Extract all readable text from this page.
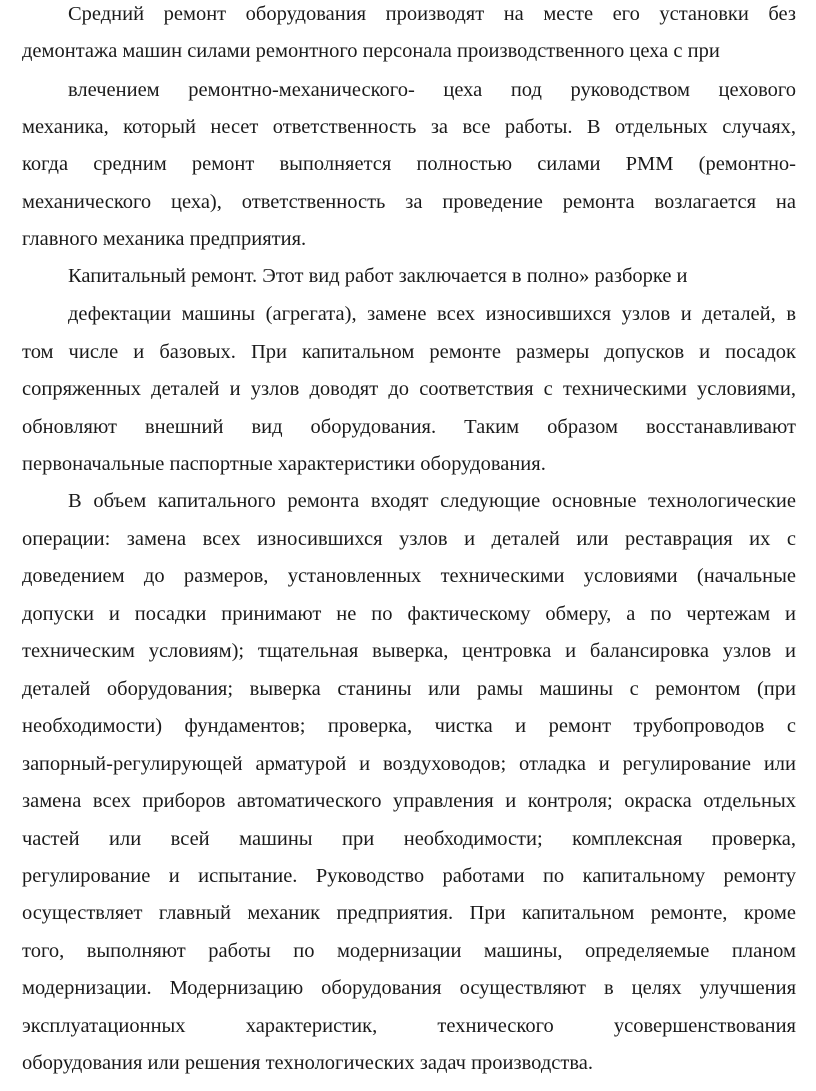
Средний ремонт оборудования производят на месте его установки без
демонтажа машин силами ремонтного персонала производственного цеха с при
влечением ремонтно-механического- цеха под руководством цехового
механика, который несет ответственность за все работы. В отдельных случаях,
когда средним ремонт выполняется полностью силами РММ (ремонтно-
механического цеха), ответственность за проведение ремонта возлагается на
главного механика предприятия.
Капитальный ремонт. Этот вид работ заключается в полно» разборке и
дефектации машины (агрегата), замене всех износившихся узлов и деталей, в
том числе и базовых. При капитальном ремонте размеры допусков и посадок
сопряженных деталей и узлов доводят до соответствия с техническими условиями,
обновляют внешний вид оборудования. Таким образом восстанавливают
первоначальные паспортные характеристики оборудования.
В объем капитального ремонта входят следующие основные технологические
операции: замена всех износившихся узлов и деталей или реставрация их с
доведением до размеров, установленных техническими условиями (начальные
допуски и посадки принимают не по фактическому обмеру, а по чертежам и
техническим условиям); тщательная выверка, центровка и балансировка узлов и
деталей оборудования; выверка станины или рамы машины с ремонтом (при
необходимости) фундаментов; проверка, чистка и ремонт трубопроводов с
запорный-регулирующей арматурой и воздуховодов; отладка и регулирование или
замена всех приборов автоматического управления и контроля; окраска отдельных
частей или всей машины при необходимости; комплексная проверка,
регулирование и испытание. Руководство работами по капитальному ремонту
осуществляет главный механик предприятия. При капитальном ремонте, кроме
того, выполняют работы по модернизации машины, определяемые планом
модернизации. Модернизацию оборудования осуществляют в целях улучшения
эксплуатационных характеристик, технического усовершенствования
оборудования или решения технологических задач производства.
